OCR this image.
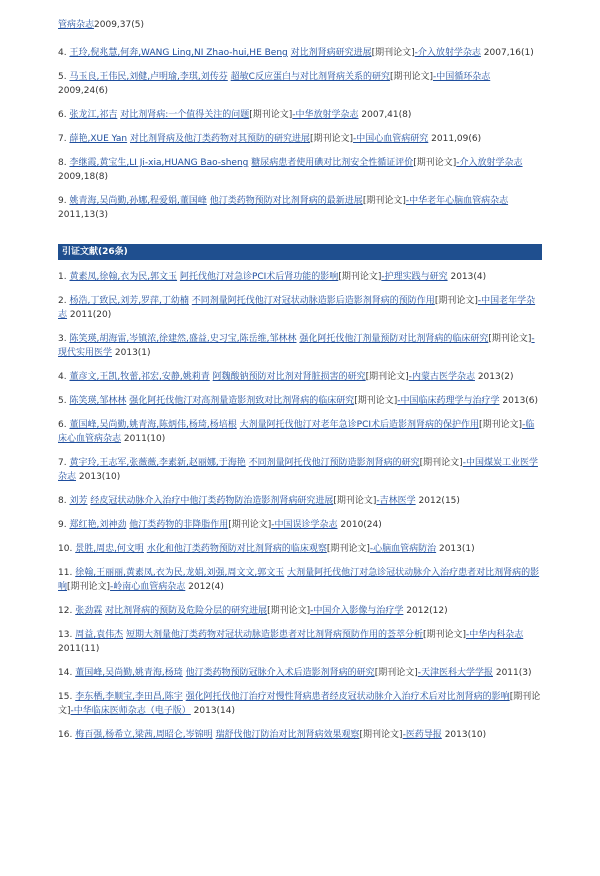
管病杂志2009,37(5)
4. 王玲,倪兆慧,何奔,WANG Ling,NI Zhao-hui,HE Beng 对比剂肾病研究进展[期刊论文]-介入放射学杂志 2007,16(1)
5. 马玉良,王伟民,刘健,卢明瑜,李琪,刘传芬 超敏C反应蛋白与对比剂肾病关系的研究[期刊论文]-中国循环杂志 2009,24(6)
6. 张龙江,祁吉 对比剂肾病:一个值得关注的问题[期刊论文]-中华放射学杂志 2007,41(8)
7. 薛艳,XUE Yan 对比剂肾病及他汀类药物对其预防的研究进展[期刊论文]-中国心血管病研究 2011,09(6)
8. 李继霞,黄宝生,LI Ji-xia,HUANG Bao-sheng 糖尿病患者使用碘对比剂安全性循证评价[期刊论文]-介入放射学杂志 2009,18(8)
9. 姚青海,吴尚勤,孙娜,程爱娟,董国峰 他汀类药物预防对比剂肾病的最新进展[期刊论文]-中华老年心脑血管病杂志 2011,13(3)
引证文献(26条)
1. 黄素凤,徐翰,衣为民,郭文玉 阿托伐他汀对急诊PCI术后肾功能的影响[期刊论文]-护理实践与研究 2013(4)
2. 杨浩,丁致民,刘芳,罗萍,丁幼楠 不同剂量阿托伐他汀对冠状动脉造影后造影剂肾病的预防作用[期刊论文]-中国老年学杂志 2011(20)
3. 陈笑瑛,胡海雷,岑镇浓,徐建然,盛益,史习宝,陈岳维,邹林林 强化阿托伐他汀剂量预防对比剂肾病的临床研究[期刊论文]-现代实用医学 2013(1)
4. 董彦文,王凯,牧蕾,祁宏,安静,姚莉青 阿魏酸钠预防对比剂对肾脏损害的研究[期刊论文]-内蒙古医学杂志 2013(2)
5. 陈笑瑛,邹林林 强化阿托伐他汀对高剂量造影剂致对比剂肾病的临床研究[期刊论文]-中国临床药理学与治疗学 2013(6)
6. 董国峰,吴尚勤,姚青海,陈炳伟,杨琦,杨培根 大剂量阿托伐他汀对老年急诊PCI术后造影剂肾病的保护作用[期刊论文]-临床心血管病杂志 2011(10)
7. 黄宇玲,王志军,张薇薇,李素新,赵丽娜,于海艳 不同剂量阿托伐他汀预防造影剂肾病的研究[期刊论文]-中国煤炭工业医学杂志 2013(10)
8. 刘芳 经皮冠状动脉介入治疗中他汀类药物防治造影剂肾病研究进展[期刊论文]-吉林医学 2012(15)
9. 郑红艳,刘神劲 他汀类药物的非降脂作用[期刊论文]-中国误诊学杂志 2010(24)
10. 景胜,周忠,何文明 水化和他汀类药物预防对比剂肾病的临床观察[期刊论文]-心脑血管病防治 2013(1)
11. 徐翰,王丽丽,黄素凤,衣为民,龙娟,刘强,周文文,郭文玉 大剂量阿托伐他汀对急诊冠状动脉介入治疗患者对比剂肾病的影响[期刊论文]-岭南心血管病杂志 2012(4)
12. 张劲霖 对比剂肾病的预防及危险分层的研究进展[期刊论文]-中国介入影像与治疗学 2012(12)
13. 周益,袁伟杰 短期大剂量他汀类药物对冠状动脉造影患者对比剂肾病预防作用的荟萃分析[期刊论文]-中华内科杂志 2011(11)
14. 董国峰,吴尚勤,姚青海,杨琦 他汀类药物预防冠脉介入术后造影剂肾病的研究[期刊论文]-天津医科大学学报 2011(3)
15. 李东栖,李顺宝,李田昌,陈宇 强化阿托伐他汀治疗对慢性肾病患者经皮冠状动脉介入治疗术后对比剂肾病的影响[期刊论文]-中华临床医师杂志（电子版） 2013(14)
16. 梅百强,杨希立,梁茜,周昭仑,岑锦明 瑞舒伐他汀防治对比剂肾病效果观察[期刊论文]-医药导报 2013(10)
